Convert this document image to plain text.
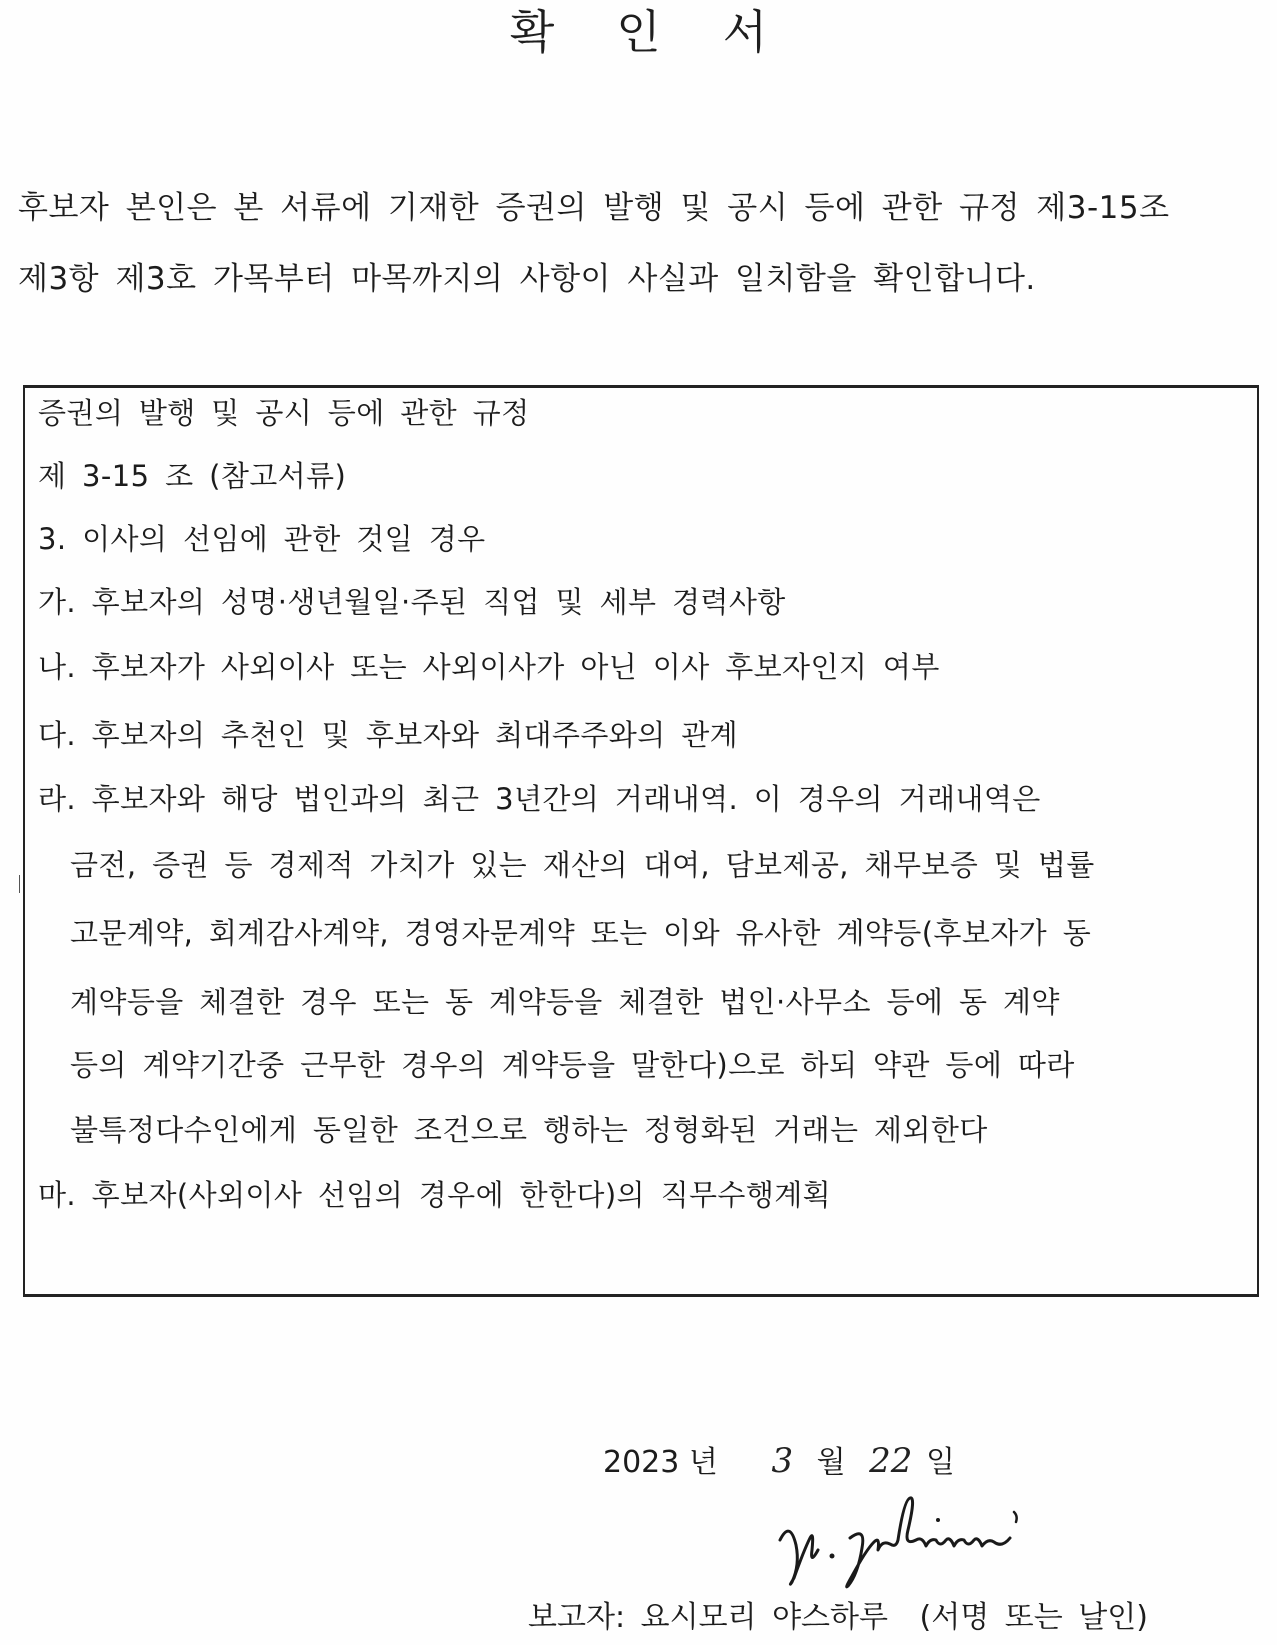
확인서
후보자 본인은 본 서류에 기재한 증권의 발행 및 공시 등에 관한 규정 제3-15조
제3항 제3호 가목부터 마목까지의 사항이 사실과 일치함을 확인합니다.
증권의 발행 및 공시 등에 관한 규정
제 3-15 조 (참고서류)
3. 이사의 선임에 관한 것일 경우
가. 후보자의 성명·생년월일·주된 직업 및 세부 경력사항
나. 후보자가 사외이사 또는 사외이사가 아닌 이사 후보자인지 여부
다. 후보자의 추천인 및 후보자와 최대주주와의 관계
라. 후보자와 해당 법인과의 최근 3년간의 거래내역. 이 경우의 거래내역은
금전, 증권 등 경제적 가치가 있는 재산의 대여, 담보제공, 채무보증 및 법률
고문계약, 회계감사계약, 경영자문계약 또는 이와 유사한 계약등(후보자가 동
계약등을 체결한 경우 또는 동 계약등을 체결한 법인·사무소 등에 동 계약
등의 계약기간중 근무한 경우의 계약등을 말한다)으로 하되 약관 등에 따라
불특정다수인에게 동일한 조건으로 행하는 정형화된 거래는 제외한다
마. 후보자(사외이사 선임의 경우에 한한다)의 직무수행계획
2023 년 3 월 22 일
보고자: 요시모리 야스하루 (서명 또는 날인)
